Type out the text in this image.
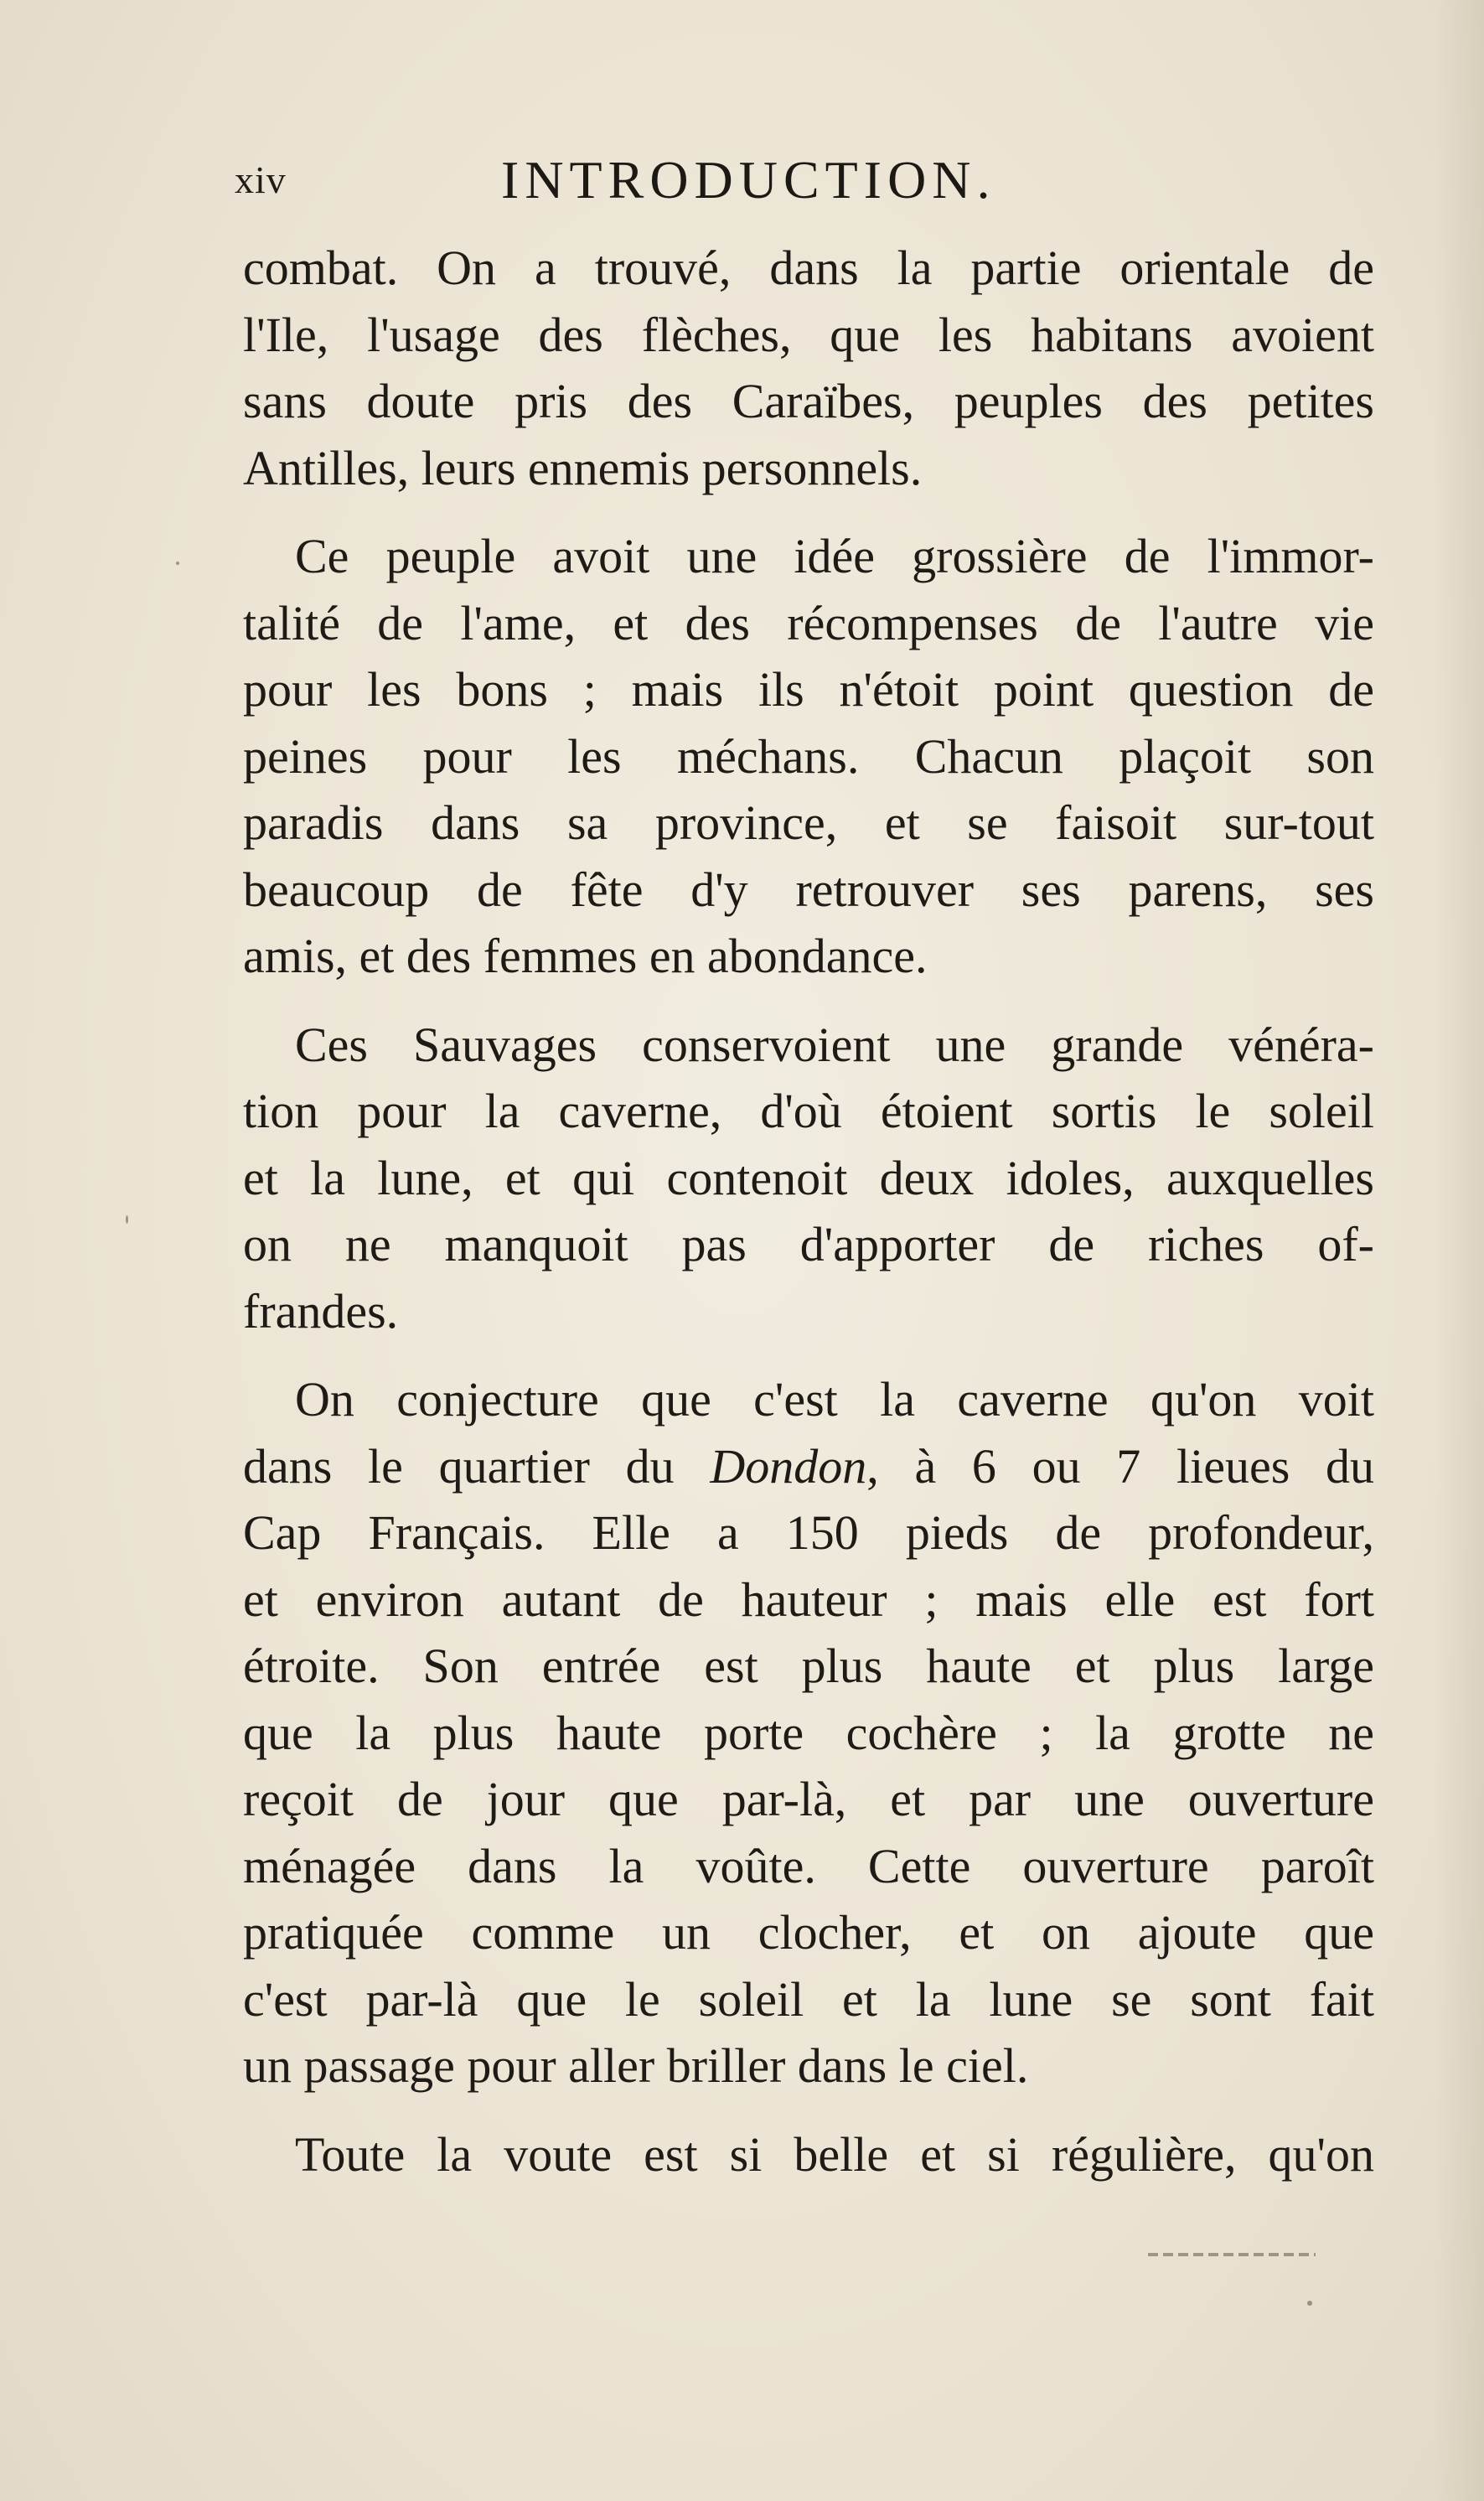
xiv	INTRODUCTION.

combat. On a trouvé, dans la partie orientale de
l'Ile, l'usage des flèches, que les habitans avoient
sans doute pris des Caraïbes, peuples des petites
Antilles, leurs ennemis personnels.

Ce peuple avoit une idée grossière de l'immor-
talité de l'ame, et des récompenses de l'autre vie
pour les bons ; mais ils n'étoit point question de
peines pour les méchans. Chacun plaçoit son
paradis dans sa province, et se faisoit sur-tout
beaucoup de fête d'y retrouver ses parens, ses
amis, et des femmes en abondance.

Ces Sauvages conservoient une grande vénéra-
tion pour la caverne, d'où étoient sortis le soleil
et la lune, et qui contenoit deux idoles, auxquelles
on ne manquoit pas d'apporter de riches of-
frandes.

On conjecture que c'est la caverne qu'on voit
dans le quartier du Dondon, à 6 ou 7 lieues du
Cap Français. Elle a 150 pieds de profondeur,
et environ autant de hauteur ; mais elle est fort
étroite. Son entrée est plus haute et plus large
que la plus haute porte cochère ; la grotte ne
reçoit de jour que par-là, et par une ouverture
ménagée dans la voûte. Cette ouverture paroît
pratiquée comme un clocher, et on ajoute que
c'est par-là que le soleil et la lune se sont fait
un passage pour aller briller dans le ciel.

Toute la voute est si belle et si régulière, qu'on
